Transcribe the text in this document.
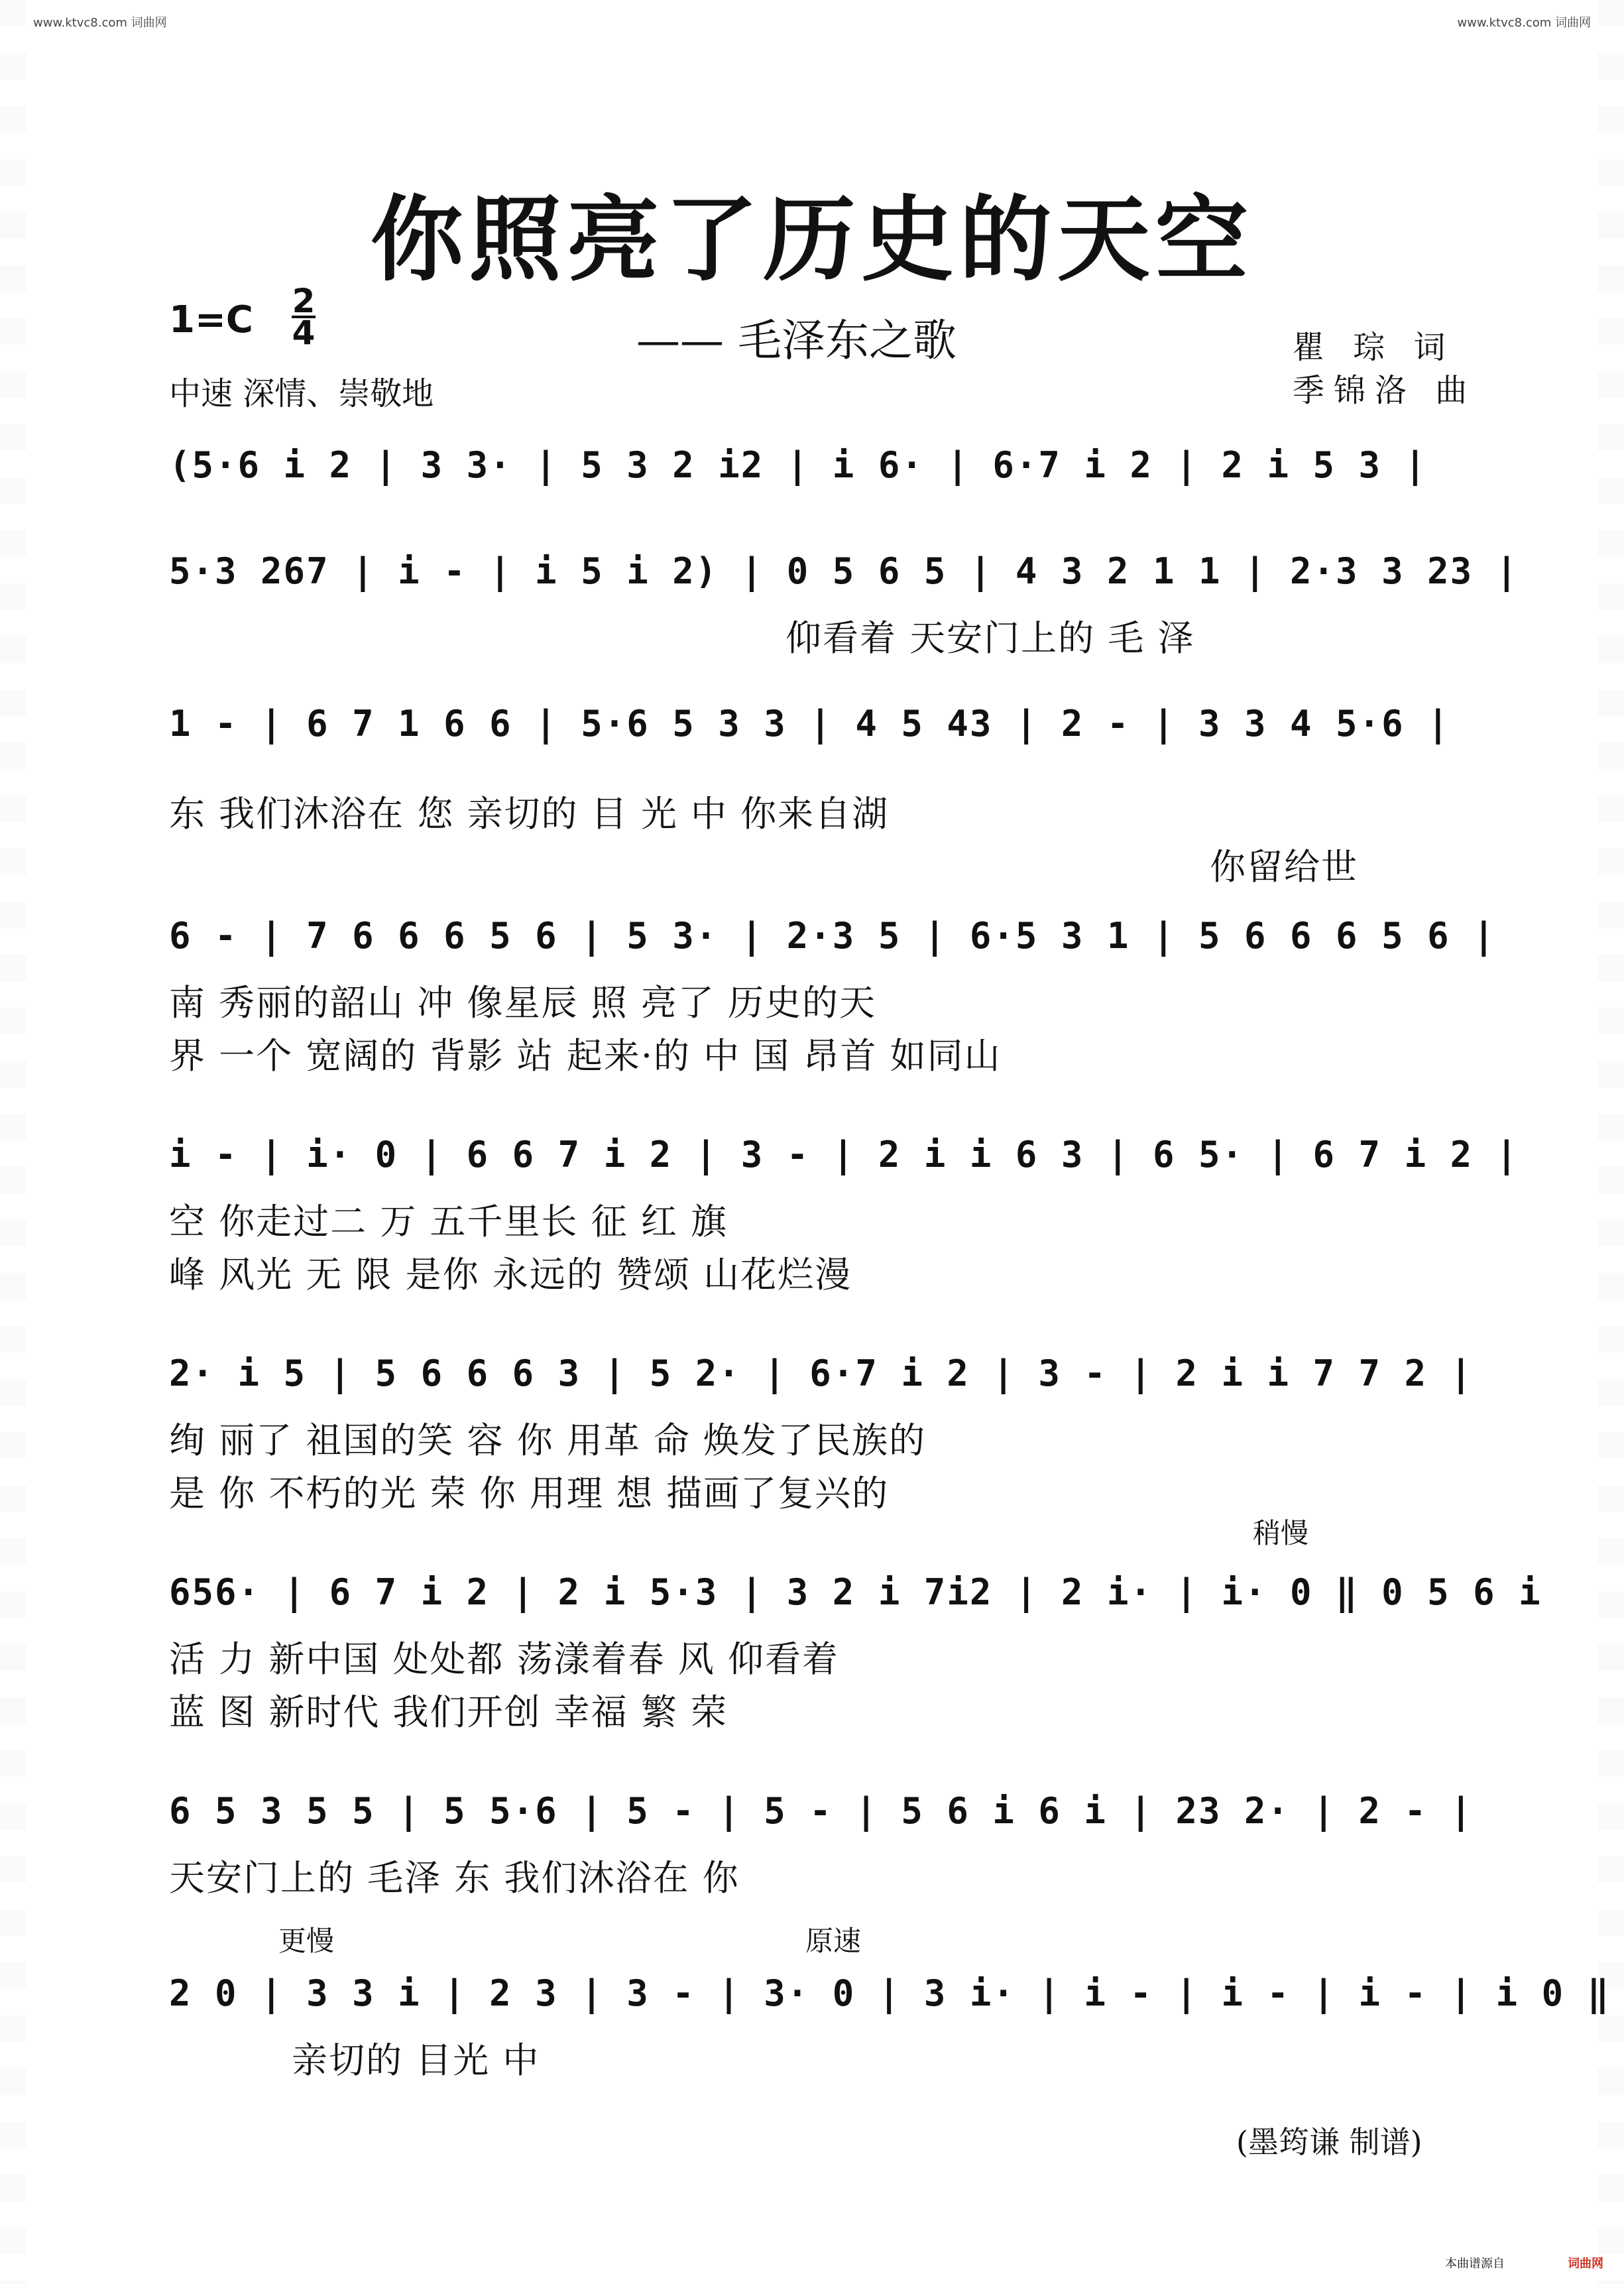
www.ktvc8.com 词曲网	www.ktvc8.com 词曲网
你照亮了历史的天空
—— 毛泽东之歌
1=C 2
4
中速 深情、崇敬地
瞿 琮 词
季锦洛 曲
(5·6 i 2 | 3 3· | 5 3 2 i2 | i 6· | 6·7 i 2 | 2 i 5 3 |
5·3 267 | i - | i 5 i 2) | 0 5 6 5 | 4 3 2 1 1 | 2·3 3 23 |
仰看着 天安门上的 毛 泽
1 - | 6 7 1 6 6 | 5·6 5 3 3 | 4 5 43 | 2 - | 3 3 4 5·6 |
东 我们沐浴在 您 亲切的 目 光 中 你来自湖
你留给世
6 - | 7 6 6 6 5 6 | 5 3· | 2·3 5 | 6·5 3 1 | 5 6 6 6 5 6 |
南 秀丽的韶山 冲 像星辰 照 亮了 历史的天
界 一个 宽阔的 背影 站 起来·的 中 国 昂首 如同山
i - | i· 0 | 6 6 7 i 2 | 3 - | 2 i i 6 3 | 6 5· | 6 7 i 2 |
空 你走过二 万 五千里长 征 红 旗
峰 风光 无 限 是你 永远的 赞颂 山花烂漫
2· i 5 | 5 6 6 6 3 | 5 2· | 6·7 i 2 | 3 - | 2 i i 7 7 2 |
绚 丽了 祖国的笑 容 你 用革 命 焕发了民族的
是 你 不朽的光 荣 你 用理 想 描画了复兴的
稍慢
656· | 6 7 i 2 | 2 i 5·3 | 3 2 i 7i2 | 2 i· | i· 0 ‖ 0 5 6 i
活 力 新中国 处处都 荡漾着春 风 仰看着
蓝 图 新时代 我们开创 幸福 繁 荣
6 5 3 5 5 | 5 5·6 | 5 - | 5 - | 5 6 i 6 i | 23 2· | 2 - |
天安门上的 毛泽 东 我们沐浴在 你
更慢	原速
2 0 | 3 3 i | 2 3 | 3 - | 3· 0 | 3 i· | i - | i - | i - | i 0 ‖
亲切的 目光 中
(墨筠谦 制谱)
本曲谱源自	词曲网
